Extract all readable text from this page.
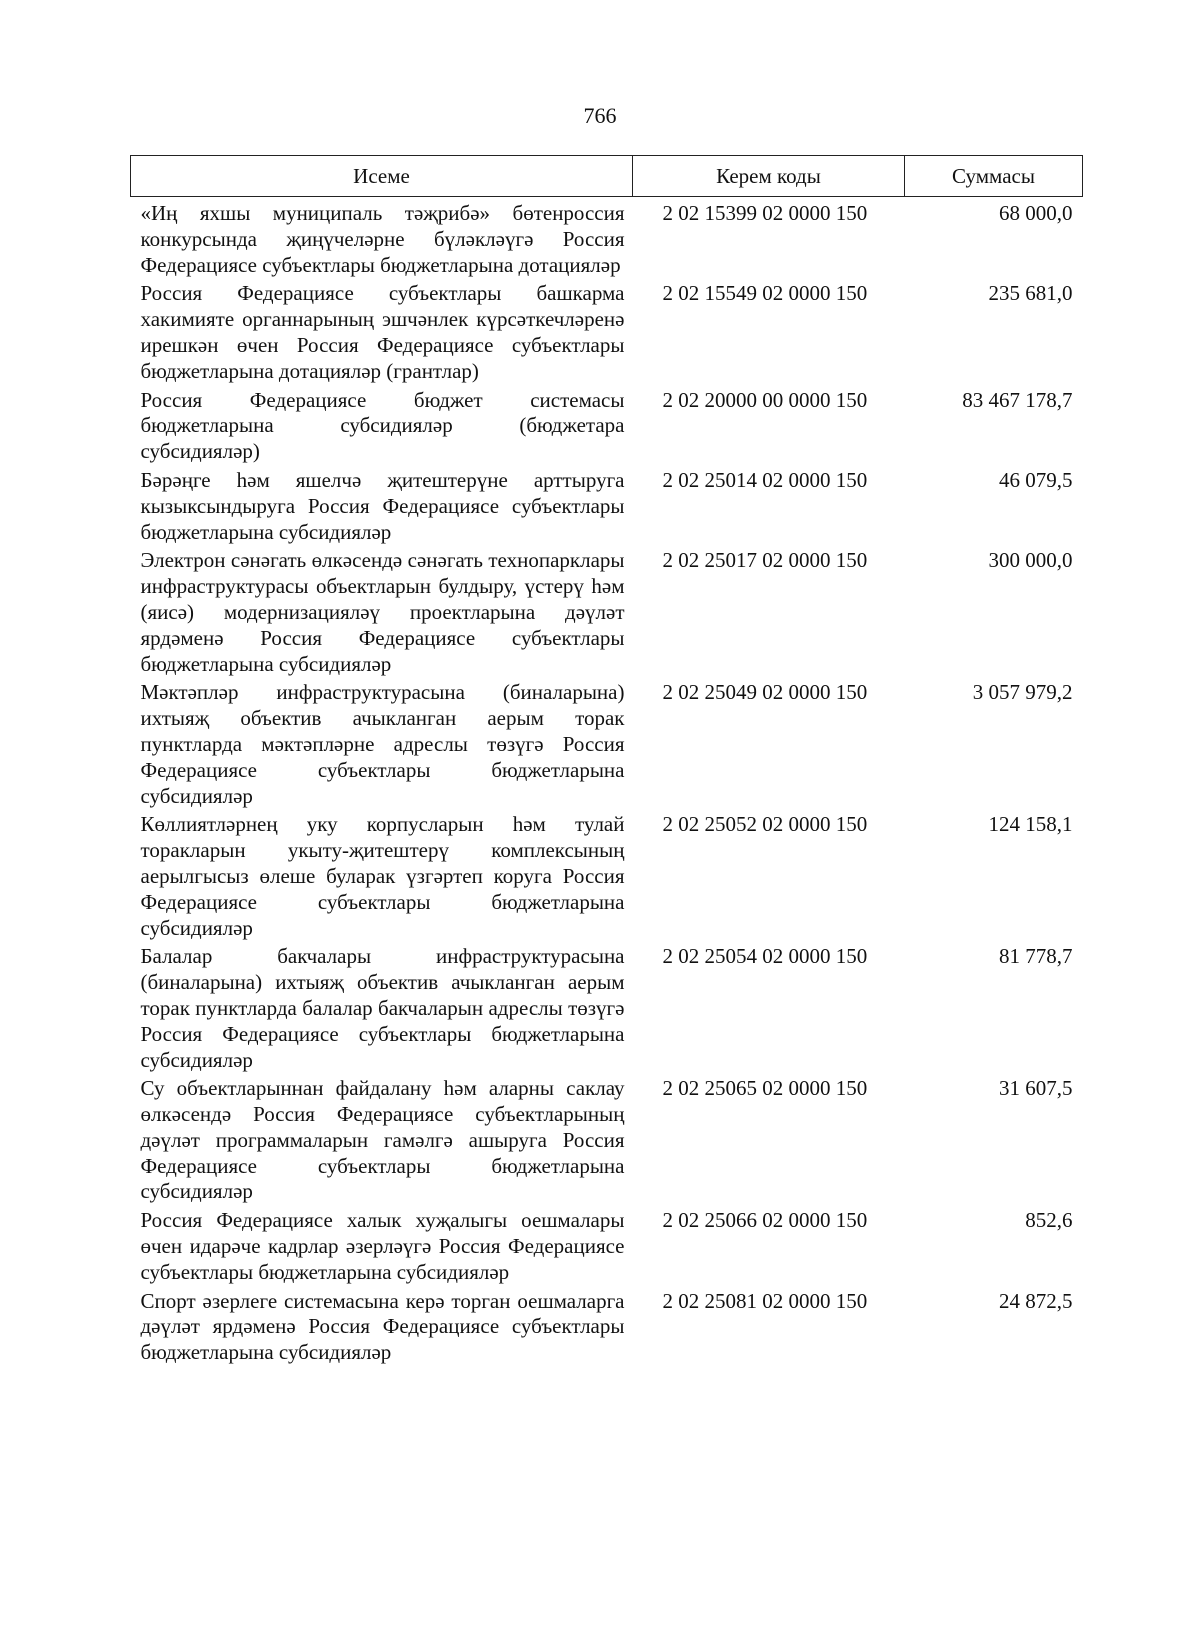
766
Исеме	Керем коды	Суммасы
«Иң яхшы муниципаль тәҗрибә» бөтенроссия конкурсында җиңүчеләрне бүләкләүгә Россия Федерациясе субъектлары бюджетларына дотацияләр	2 02 15399 02 0000 150	68 000,0
Россия Федерациясе субъектлары башкарма хакимияте органнарының эшчәнлек күрсәткечләренә ирешкән өчен Россия Федерациясе субъектлары бюджетларына дотацияләр (грантлар)	2 02 15549 02 0000 150	235 681,0
Россия Федерациясе бюджет системасы бюджетларына субсидияләр (бюджетара субсидияләр)	2 02 20000 00 0000 150	83 467 178,7
Бәрәңге һәм яшелчә җитештерүне арттыруга кызыксындыруга Россия Федерациясе субъектлары бюджетларына субсидияләр	2 02 25014 02 0000 150	46 079,5
Электрон сәнәгать өлкәсендә сәнәгать технопарклары инфраструктурасы объектларын булдыру, үстерү һәм (яисә) модернизацияләү проектларына дәүләт ярдәменә Россия Федерациясе субъектлары бюджетларына субсидияләр	2 02 25017 02 0000 150	300 000,0
Мәктәпләр инфраструктурасына (биналарына) ихтыяҗ объектив ачыкланган аерым торак пунктларда мәктәпләрне адреслы төзүгә Россия Федерациясе субъектлары бюджетларына субсидияләр	2 02 25049 02 0000 150	3 057 979,2
Көллиятләрнең уку корпусларын һәм тулай торакларын укыту-җитештерү комплексының аерылгысыз өлеше буларак үзгәртеп коруга Россия Федерациясе субъектлары бюджетларына субсидияләр	2 02 25052 02 0000 150	124 158,1
Балалар бакчалары инфраструктурасына (биналарына) ихтыяҗ объектив ачыкланган аерым торак пунктларда балалар бакчаларын адреслы төзүгә Россия Федерациясе субъектлары бюджетларына субсидияләр	2 02 25054 02 0000 150	81 778,7
Су объектларыннан файдалану һәм аларны саклау өлкәсендә Россия Федерациясе субъектларының дәүләт программаларын гамәлгә ашыруга Россия Федерациясе субъектлары бюджетларына субсидияләр	2 02 25065 02 0000 150	31 607,5
Россия Федерациясе халык хуҗалыгы оешмалары өчен идарәче кадрлар әзерләүгә Россия Федерациясе субъектлары бюджетларына субсидияләр	2 02 25066 02 0000 150	852,6
Спорт әзерлеге системасына керә торган оешмаларга дәүләт ярдәменә Россия Федерациясе субъектлары бюджетларына субсидияләр	2 02 25081 02 0000 150	24 872,5
